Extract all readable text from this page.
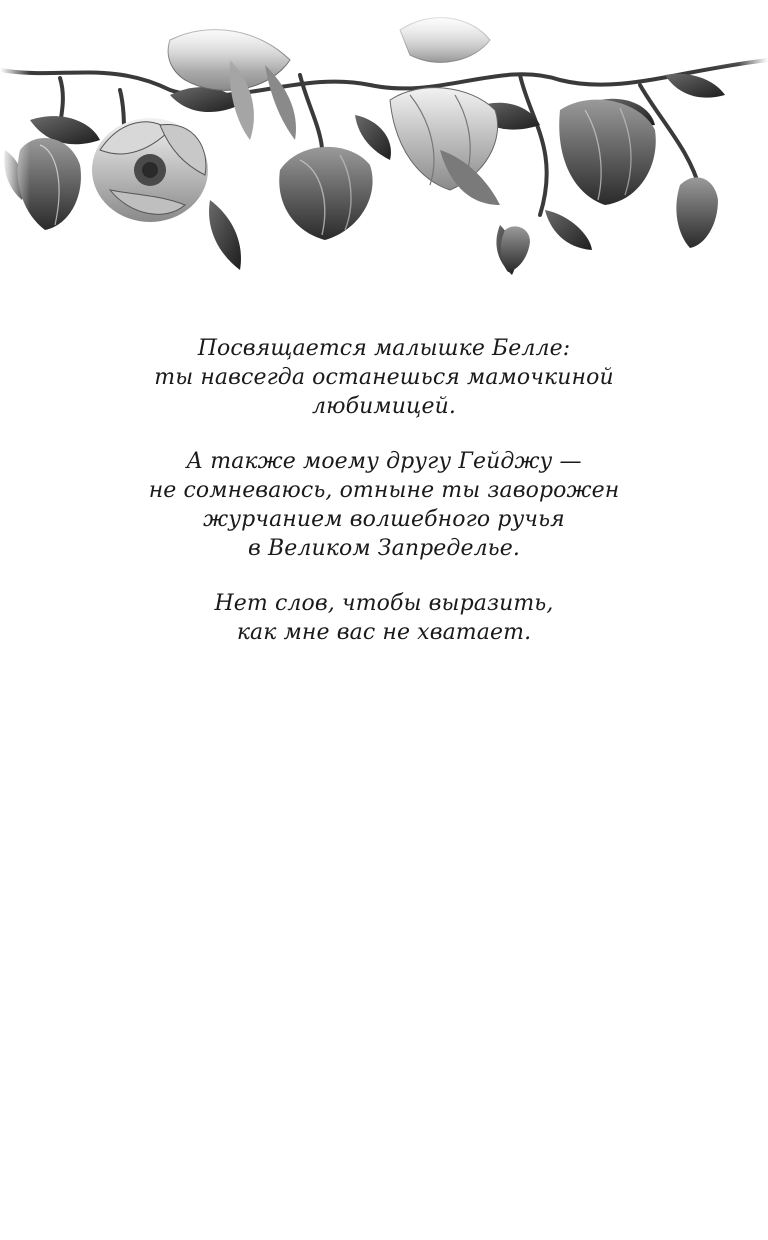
Посвящается малышке Белле:
ты навсегда останешься мамочкиной
любимицей.

А также моему другу Гейджу —
не сомневаюсь, отныне ты заворожен
журчанием волшебного ручья
в Великом Запределье.

Нет слов, чтобы выразить,
как мне вас не хватает.
